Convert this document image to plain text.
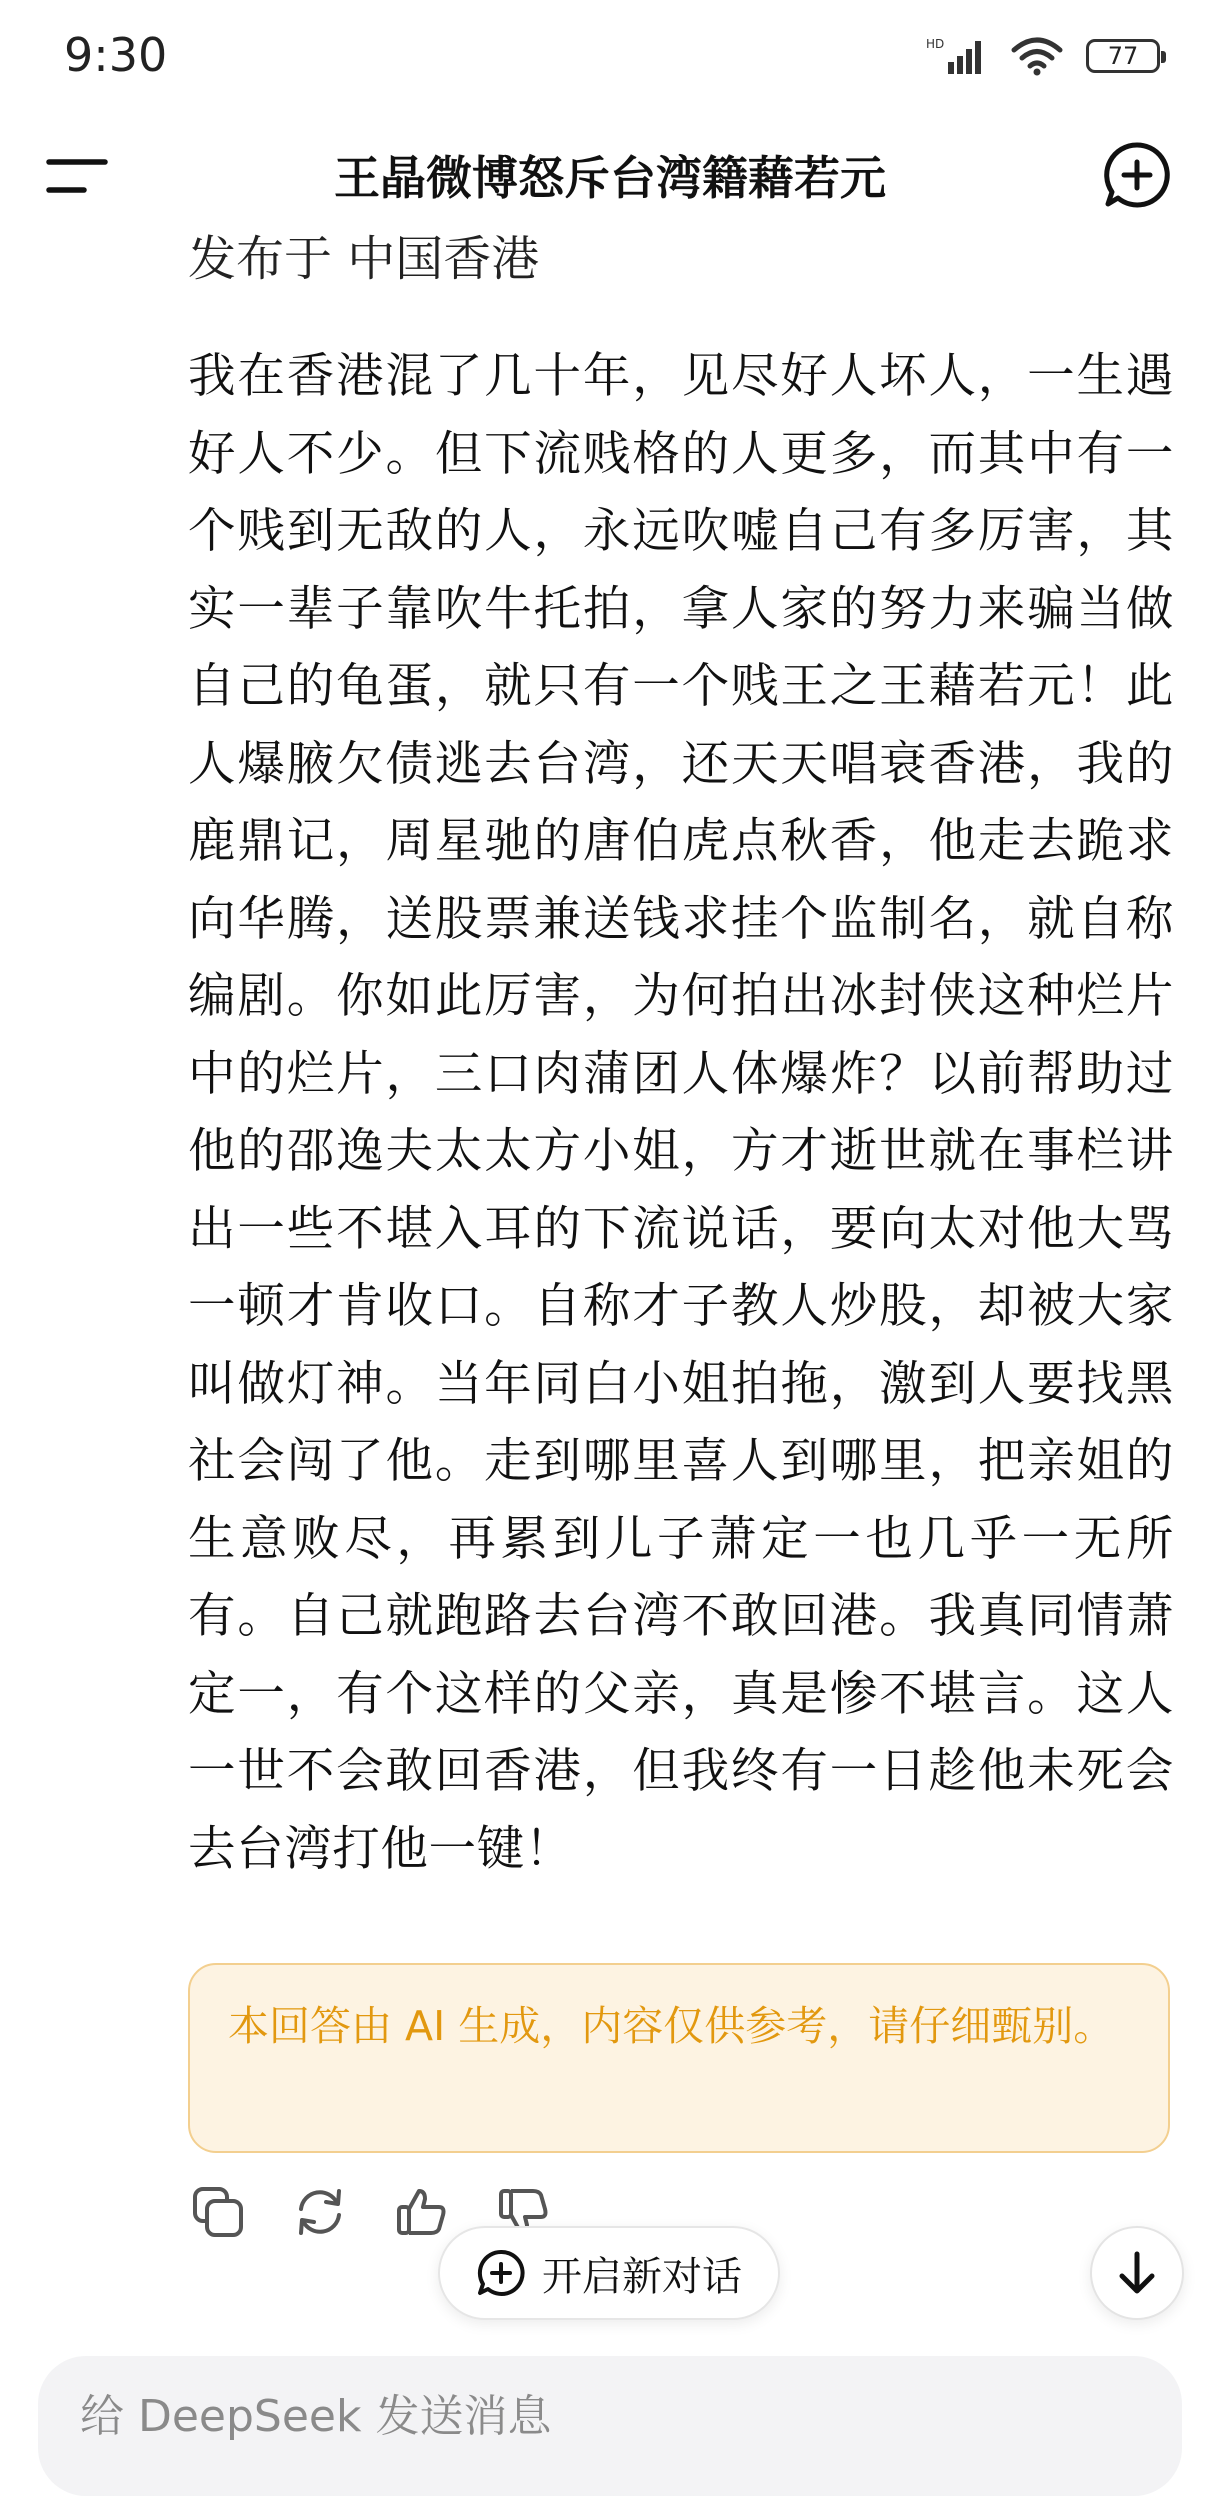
9:30	HD	77
王晶微博怒斥台湾籍藉若元

发布于 中国香港

我在香港混了几十年，见尽好人坏人，一生遇好人不少。但下流贱格的人更多，而其中有一个贱到无敌的人，永远吹嘘自己有多厉害，其实一辈子靠吹牛托拍，拿人家的努力来骗当做自己的龟蛋，就只有一个贱王之王藉若元！此人爆腋欠债逃去台湾，还天天唱衰香港，我的鹿鼎记，周星驰的唐伯虎点秋香，他走去跪求向华腾，送股票兼送钱求挂个监制名，就自称编剧。你如此厉害，为何拍出冰封侠这种烂片中的烂片，三口肉蒲团人体爆炸？以前帮助过他的邵逸夫太太方小姐，方才逝世就在事栏讲出一些不堪入耳的下流说话，要向太对他大骂一顿才肯收口。自称才子教人炒股，却被大家叫做灯神。当年同白小姐拍拖，激到人要找黑社会闯了他。走到哪里喜人到哪里，把亲姐的生意败尽，再累到儿子萧定一也几乎一无所有。自己就跑路去台湾不敢回港。我真同情萧定一，有个这样的父亲，真是惨不堪言。这人一世不会敢回香港，但我终有一日趁他未死会去台湾打他一键！

本回答由 AI 生成，内容仅供参考，请仔细甄别。
开启新对话
给 DeepSeek 发送消息
